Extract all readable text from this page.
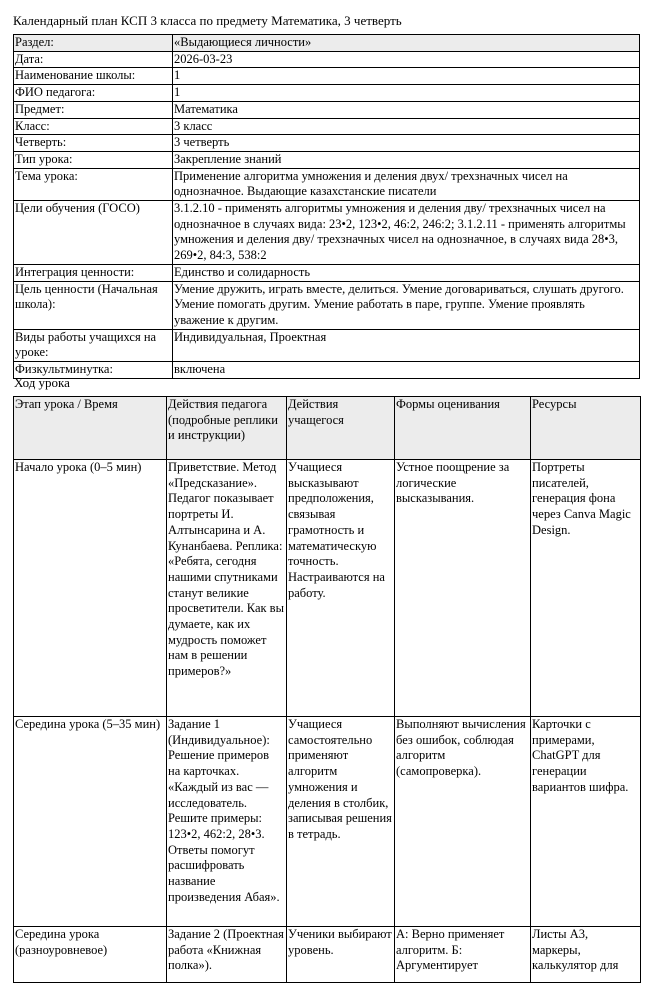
Календарный план КСП 3 класса по предмету Математика, 3 четверть
Раздел:	«Выдающиеся личности»
Дата:	2026-03-23
Наименование школы:	1
ФИО педагога:	1
Предмет:	Математика
Класс:	3 класс
Четверть:	3 четверть
Тип урока:	Закрепление знаний
Тема урока:	Применение алгоритма умножения и деления двух/ трехзначных чисел на однозначное. Выдающие казахстанские писатели
Цели обучения (ГОСО)	3.1.2.10 - применять алгоритмы умножения и деления дву/ трехзначных чисел на однозначное в случаях вида: 23•2, 123•2, 46:2, 246:2; 3.1.2.11 - применять алгоритмы умножения и деления дву/ трехзначных чисел на однозначное, в случаях вида 28•3, 269•2, 84:3, 538:2
Интеграция ценности:	Единство и солидарность
Цель ценности (Начальная школа):	Умение дружить, играть вместе, делиться. Умение договариваться, слушать другого. Умение помогать другим. Умение работать в паре, группе. Умение проявлять уважение к другим.
Виды работы учащихся на уроке:	Индивидуальная, Проектная
Физкультминутка:	включена
Ход урока
Этап урока / Время	Действия педагога (подробные реплики и инструкции)	Действия учащегося	Формы оценивания	Ресурсы
Начало урока (0–5 мин)	Приветствие. Метод «Предсказание». Педагог показывает портреты И. Алтынсарина и А. Кунанбаева. Реплика: «Ребята, сегодня нашими спутниками станут великие просветители. Как вы думаете, как их мудрость поможет нам в решении примеров?»	Учащиеся высказывают предположения, связывая грамотность и математическую точность. Настраиваются на работу.	Устное поощрение за логические высказывания.	Портреты писателей, генерация фона через Canva Magic Design.
Середина урока (5–35 мин)	Задание 1 (Индивидуальное): Решение примеров на карточках. «Каждый из вас — исследователь. Решите примеры: 123•2, 462:2, 28•3. Ответы помогут расшифровать название произведения Абая».	Учащиеся самостоятельно применяют алгоритм умножения и деления в столбик, записывая решения в тетрадь.	Выполняют вычисления без ошибок, соблюдая алгоритм (самопроверка).	Карточки с примерами, ChatGPT для генерации вариантов шифра.
Середина урока (разноуровневое)	Задание 2 (Проектная работа «Книжная полка»).	Ученики выбирают уровень.	А: Верно применяет алгоритм. Б: Аргументирует	Листы А3, маркеры, калькулятор для
